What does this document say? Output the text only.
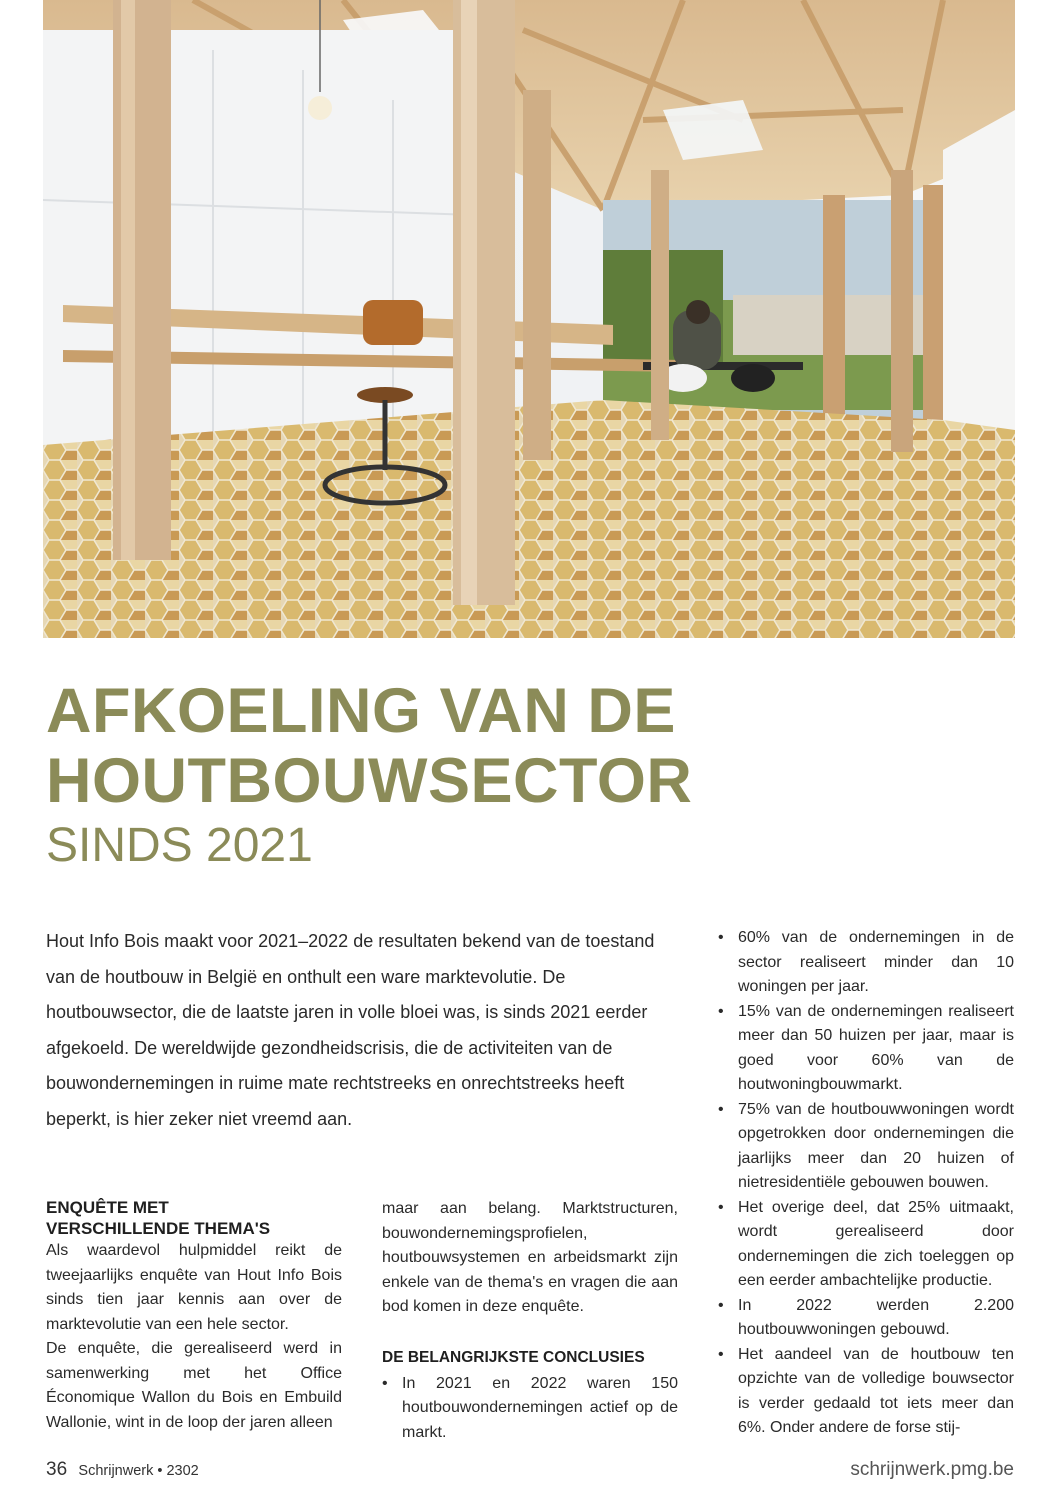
AFKOELING VAN DE
HOUTBOUWSECTOR

SINDS 2021

Hout Info Bois maakt voor 2021–2022 de resultaten bekend van de toestand van de houtbouw in België en onthult een ware marktevolutie. De houtbouwsector, die de laatste jaren in volle bloei was, is sinds 2021 eerder afgekoeld. De wereldwijde gezondheidscrisis, die de activiteiten van de bouwondernemingen in ruime mate rechtstreeks en onrechtstreeks heeft beperkt, is hier zeker niet vreemd aan.

ENQUÊTE MET
VERSCHILLENDE THEMA'S

Als waardevol hulpmiddel reikt de tweejaarlijks enquête van Hout Info Bois sinds tien jaar kennis aan over de marktevolutie van een hele sector.

De enquête, die gerealiseerd werd in samenwerking met het Office Économique Wallon du Bois en Embuild Wallonie, wint in de loop der jaren alleen

maar aan belang. Marktstructuren, bouwondernemingsprofielen, houtbouwsystemen en arbeidsmarkt zijn enkele van de thema's en vragen die aan bod komen in deze enquête.

DE BELANGRIJKSTE CONCLUSIES
• In 2021 en 2022 waren 150 houtbouwondernemingen actief op de markt.
• 60% van de ondernemingen in de sector realiseert minder dan 10 woningen per jaar.
• 15% van de ondernemingen realiseert meer dan 50 huizen per jaar, maar is goed voor 60% van de houtwoningbouwmarkt.
• 75% van de houtbouwwoningen wordt opgetrokken door ondernemingen die jaarlijks meer dan 20 huizen of nietresidentiële gebouwen bouwen.
• Het overige deel, dat 25% uitmaakt, wordt gerealiseerd door ondernemingen die zich toeleggen op een eerder ambachtelijke productie.
• In 2022 werden 2.200 houtbouwwoningen gebouwd.
• Het aandeel van de houtbouw ten opzichte van de volledige bouwsector is verder gedaald tot iets meer dan 6%. Onder andere de forse stij-
36 Schrijnwerk • 2302	schrijnwerk.pmg.be
